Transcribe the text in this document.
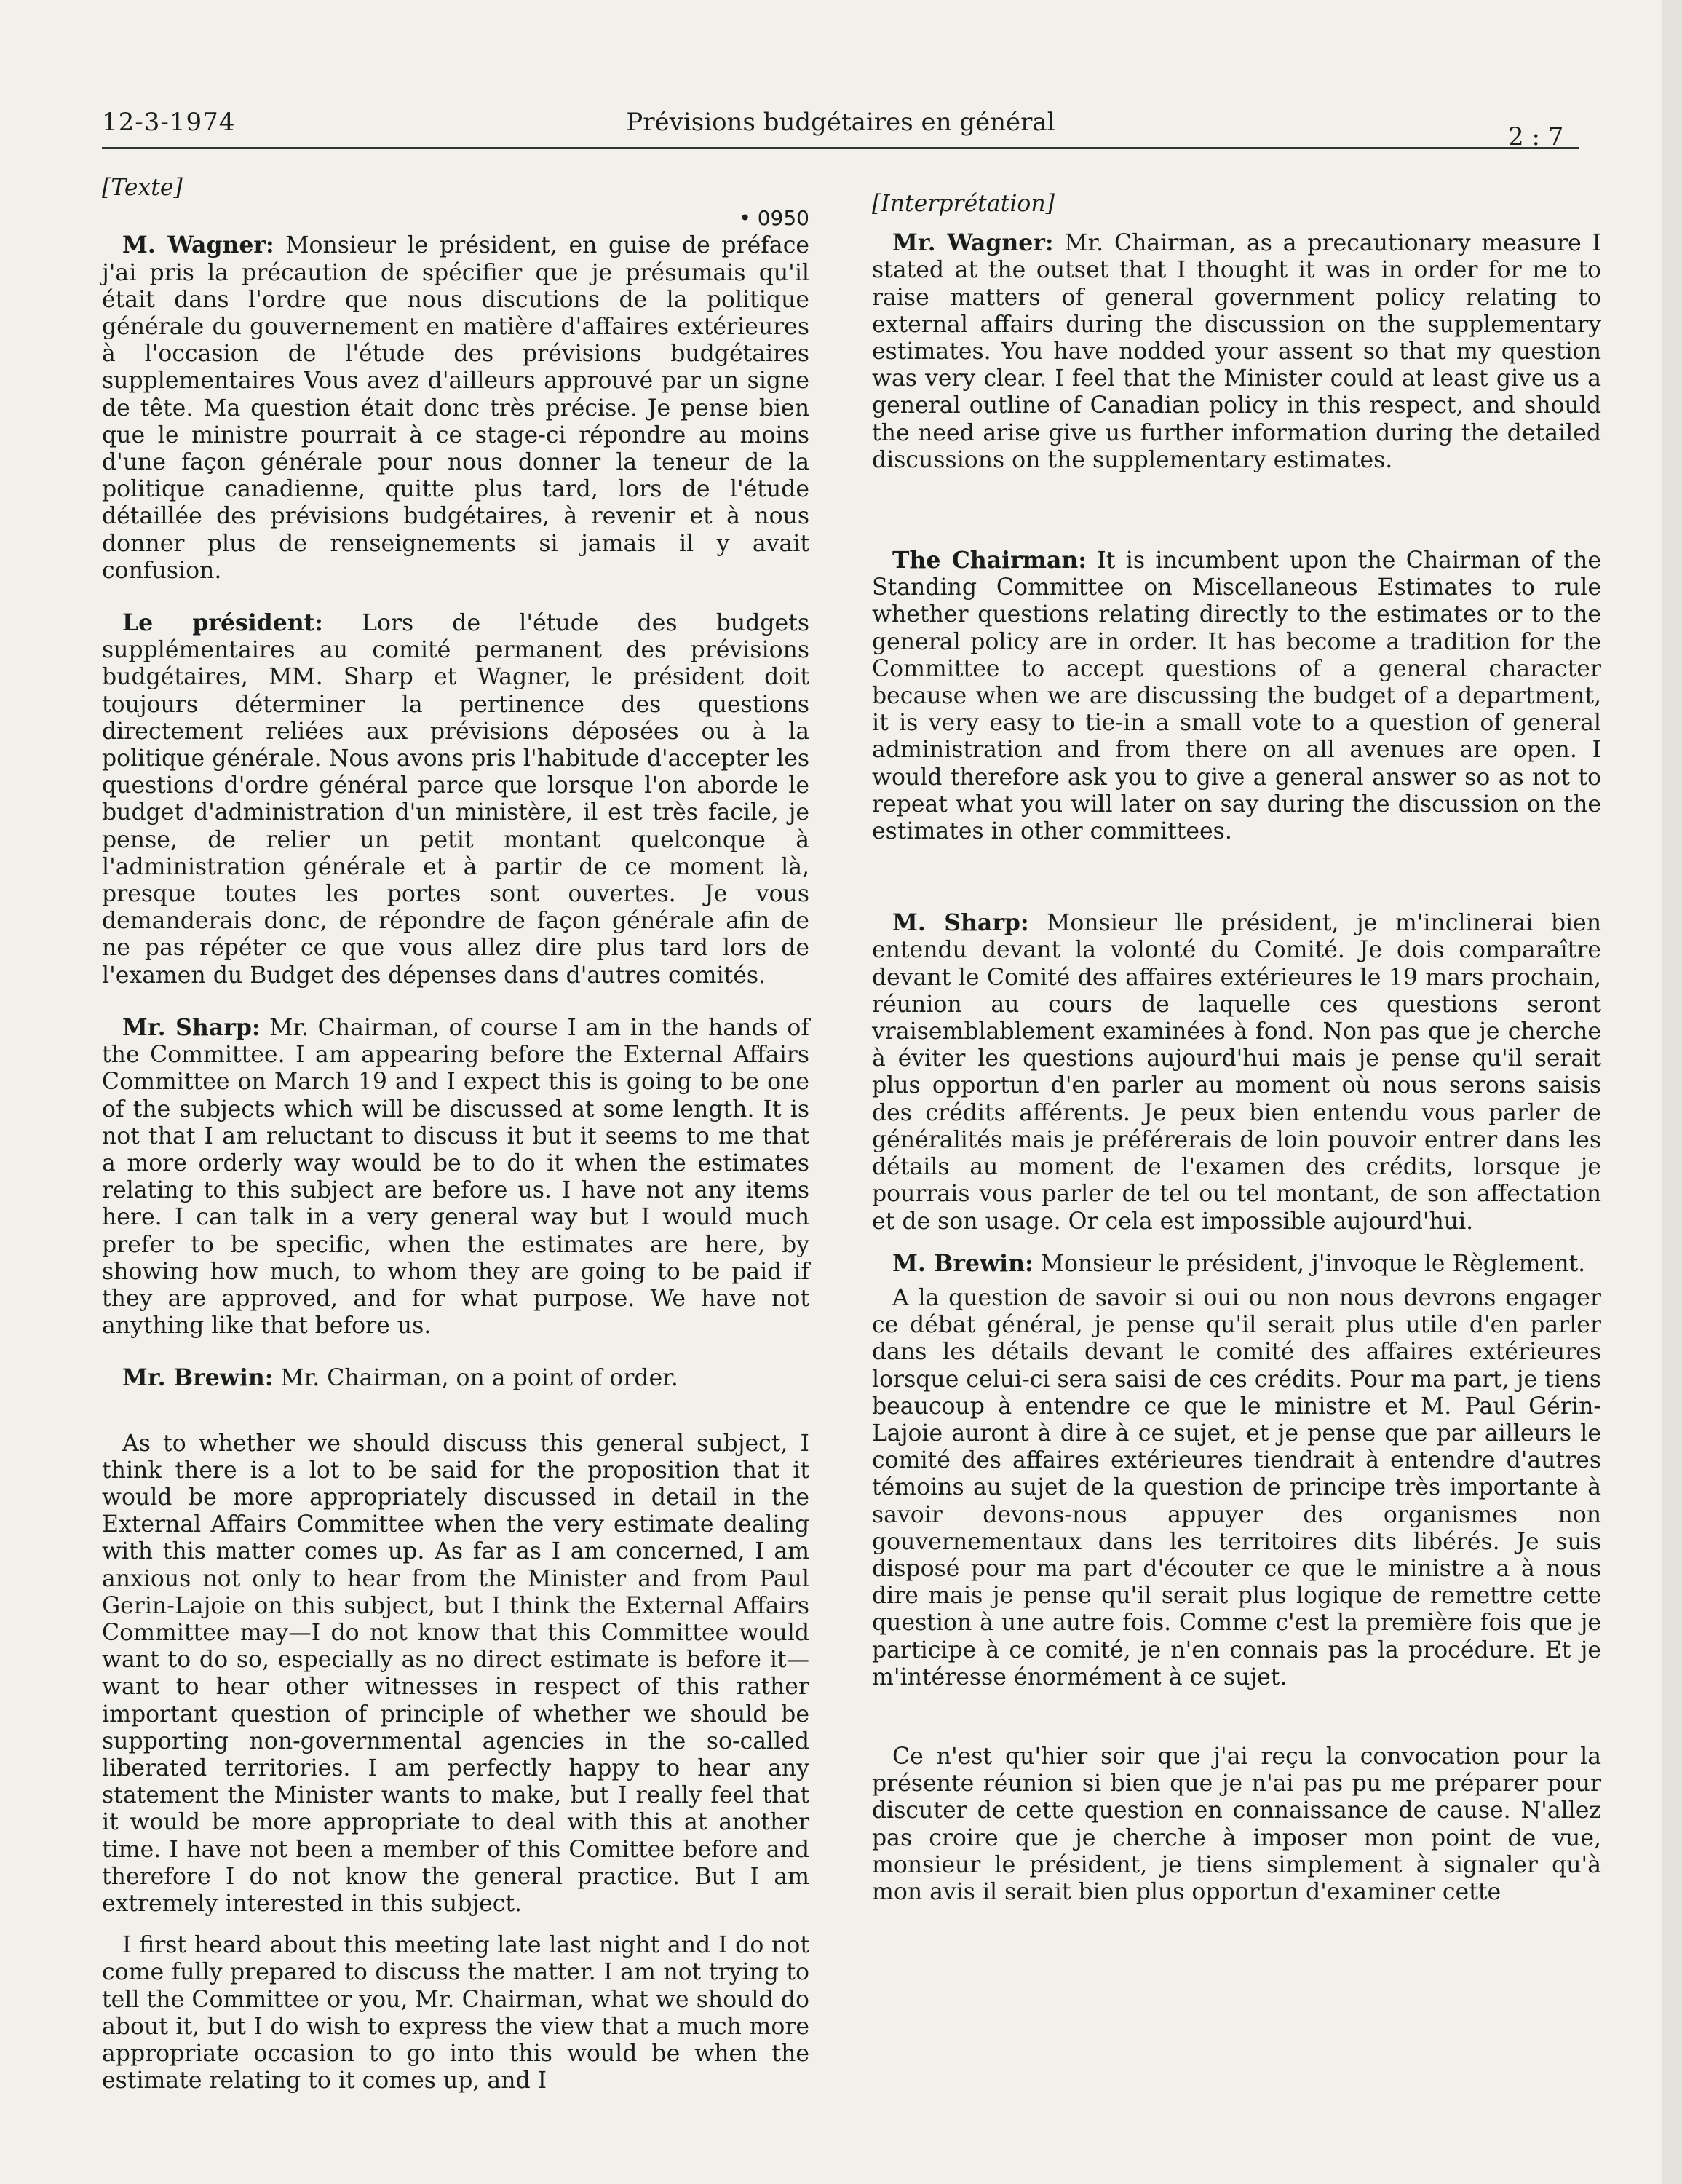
12-3-1974	Prévisions budgétaires en général	2 : 7
[Texte]
• 0950

M. Wagner: Monsieur le président, en guise de préface j'ai pris la précaution de spécifier que je présumais qu'il était dans l'ordre que nous discutions de la politique générale du gouvernement en matière d'affaires extérieures à l'occasion de l'étude des prévisions budgétaires supplementaires Vous avez d'ailleurs approuvé par un signe de tête. Ma question était donc très précise. Je pense bien que le ministre pourrait à ce stage-ci répondre au moins d'une façon générale pour nous donner la teneur de la politique canadienne, quitte plus tard, lors de l'étude détaillée des prévisions budgétaires, à revenir et à nous donner plus de renseignements si jamais il y avait confusion.

Le président: Lors de l'étude des budgets supplémentaires au comité permanent des prévisions budgétaires, MM. Sharp et Wagner, le président doit toujours déterminer la pertinence des questions directement reliées aux prévisions déposées ou à la politique générale. Nous avons pris l'habitude d'accepter les questions d'ordre général parce que lorsque l'on aborde le budget d'administration d'un ministère, il est très facile, je pense, de relier un petit montant quelconque à l'administration générale et à partir de ce moment là, presque toutes les portes sont ouvertes. Je vous demanderais donc, de répondre de façon générale afin de ne pas répéter ce que vous allez dire plus tard lors de l'examen du Budget des dépenses dans d'autres comités.

Mr. Sharp: Mr. Chairman, of course I am in the hands of the Committee. I am appearing before the External Affairs Committee on March 19 and I expect this is going to be one of the subjects which will be discussed at some length. It is not that I am reluctant to discuss it but it seems to me that a more orderly way would be to do it when the estimates relating to this subject are before us. I have not any items here. I can talk in a very general way but I would much prefer to be specific, when the estimates are here, by showing how much, to whom they are going to be paid if they are approved, and for what purpose. We have not anything like that before us.

Mr. Brewin: Mr. Chairman, on a point of order.

As to whether we should discuss this general subject, I think there is a lot to be said for the proposition that it would be more appropriately discussed in detail in the External Affairs Committee when the very estimate dealing with this matter comes up. As far as I am concerned, I am anxious not only to hear from the Minister and from Paul Gerin-Lajoie on this subject, but I think the External Affairs Committee may—I do not know that this Committee would want to do so, especially as no direct estimate is before it—want to hear other witnesses in respect of this rather important question of principle of whether we should be supporting non-governmental agencies in the so-called liberated territories. I am perfectly happy to hear any statement the Minister wants to make, but I really feel that it would be more appropriate to deal with this at another time. I have not been a member of this Comittee before and therefore I do not know the general practice. But I am extremely interested in this subject.

I first heard about this meeting late last night and I do not come fully prepared to discuss the matter. I am not trying to tell the Committee or you, Mr. Chairman, what we should do about it, but I do wish to express the view that a much more appropriate occasion to go into this would be when the estimate relating to it comes up, and I

[Interprétation]

Mr. Wagner: Mr. Chairman, as a precautionary measure I stated at the outset that I thought it was in order for me to raise matters of general government policy relating to external affairs during the discussion on the supplementary estimates. You have nodded your assent so that my question was very clear. I feel that the Minister could at least give us a general outline of Canadian policy in this respect, and should the need arise give us further information during the detailed discussions on the supplementary estimates.

The Chairman: It is incumbent upon the Chairman of the Standing Committee on Miscellaneous Estimates to rule whether questions relating directly to the estimates or to the general policy are in order. It has become a tradition for the Committee to accept questions of a general character because when we are discussing the budget of a department, it is very easy to tie-in a small vote to a question of general administration and from there on all avenues are open. I would therefore ask you to give a general answer so as not to repeat what you will later on say during the discussion on the estimates in other committees.

M. Sharp: Monsieur lle président, je m'inclinerai bien entendu devant la volonté du Comité. Je dois comparaître devant le Comité des affaires extérieures le 19 mars prochain, réunion au cours de laquelle ces questions seront vraisemblablement examinées à fond. Non pas que je cherche à éviter les questions aujourd'hui mais je pense qu'il serait plus opportun d'en parler au moment où nous serons saisis des crédits afférents. Je peux bien entendu vous parler de généralités mais je préférerais de loin pouvoir entrer dans les détails au moment de l'examen des crédits, lorsque je pourrais vous parler de tel ou tel montant, de son affectation et de son usage. Or cela est impossible aujourd'hui.

M. Brewin: Monsieur le président, j'invoque le Règlement.

A la question de savoir si oui ou non nous devrons engager ce débat général, je pense qu'il serait plus utile d'en parler dans les détails devant le comité des affaires extérieures lorsque celui-ci sera saisi de ces crédits. Pour ma part, je tiens beaucoup à entendre ce que le ministre et M. Paul Gérin-Lajoie auront à dire à ce sujet, et je pense que par ailleurs le comité des affaires extérieures tiendrait à entendre d'autres témoins au sujet de la question de principe très importante à savoir devons-nous appuyer des organismes non gouvernementaux dans les territoires dits libérés. Je suis disposé pour ma part d'écouter ce que le ministre a à nous dire mais je pense qu'il serait plus logique de remettre cette question à une autre fois. Comme c'est la première fois que je participe à ce comité, je n'en connais pas la procédure. Et je m'intéresse énormément à ce sujet.

Ce n'est qu'hier soir que j'ai reçu la convocation pour la présente réunion si bien que je n'ai pas pu me préparer pour discuter de cette question en connaissance de cause. N'allez pas croire que je cherche à imposer mon point de vue, monsieur le président, je tiens simplement à signaler qu'à mon avis il serait bien plus opportun d'examiner cette
